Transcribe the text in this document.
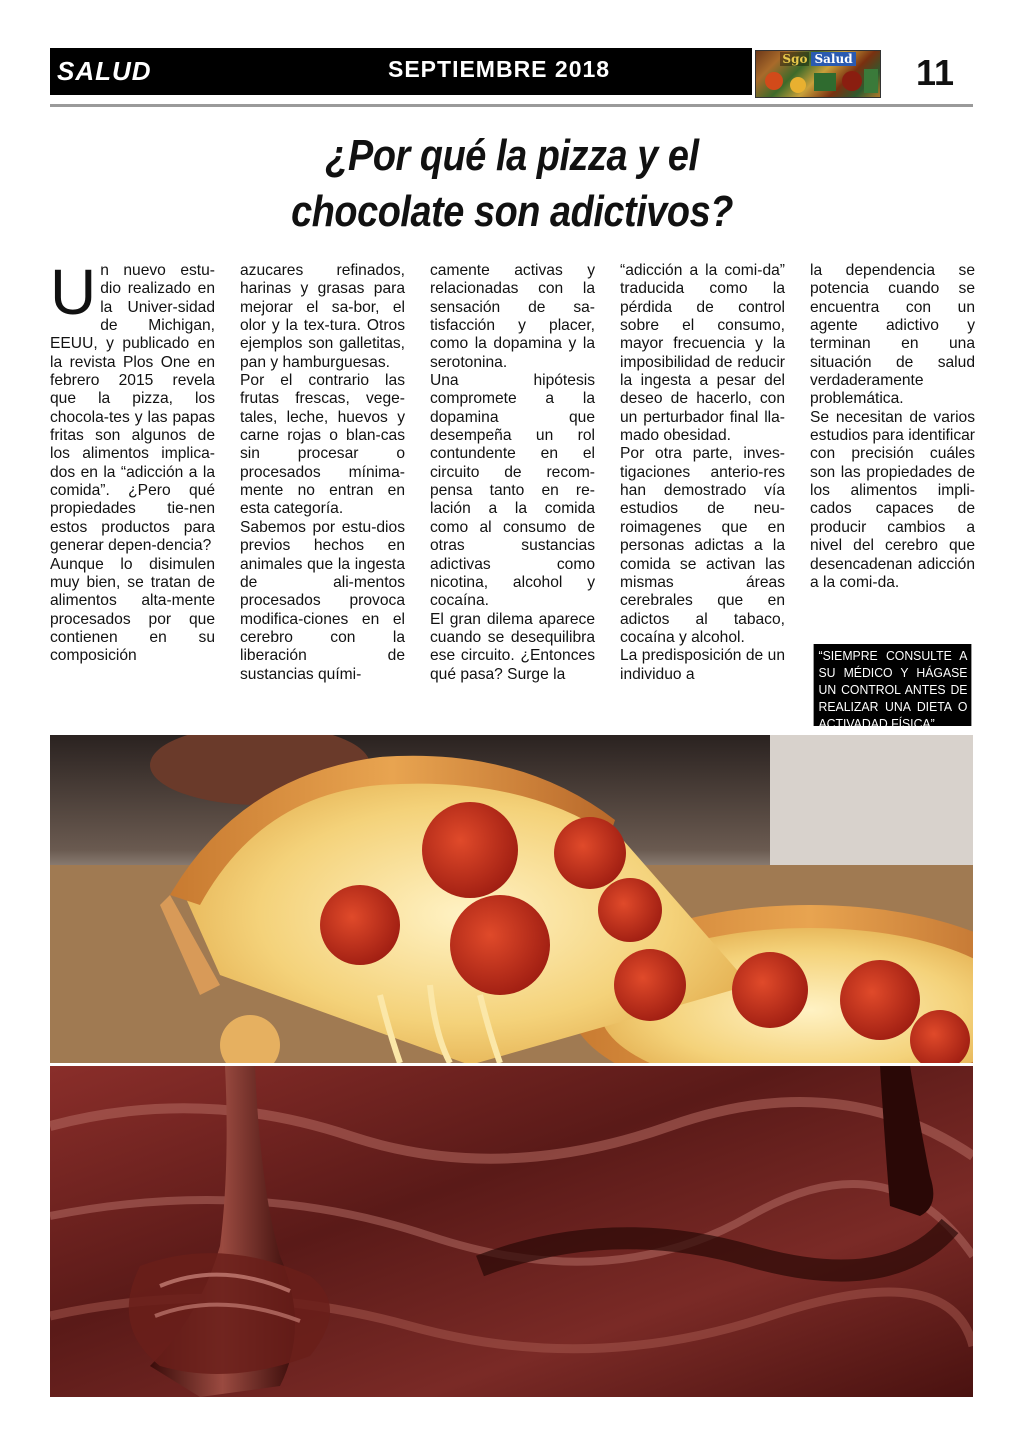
SALUD	SEPTIEMBRE 2018	Sgo Salud	11
¿Por qué la pizza y el
chocolate son adictivos?
U n nuevo estu-dio realizado en la Univer-sidad de Michigan, EEUU, y publicado en la revista Plos One en febrero 2015 revela que la pizza, los chocola-tes y las papas fritas son algunos de los alimentos implica-dos en la “adicción a la comida”. ¿Pero qué propiedades tie-nen estos productos para generar depen-dencia?

Aunque lo disimulen muy bien, se tratan de alimentos alta-mente procesados por que contienen en su composición

azucares refinados, harinas y grasas para mejorar el sa-bor, el olor y la tex-tura. Otros ejemplos son galletitas, pan y hamburguesas.

Por el contrario las frutas frescas, vege-tales, leche, huevos y carne rojas o blan-cas sin procesar o procesados mínima-mente no entran en esta categoría.

Sabemos por estu-dios previos hechos en animales que la ingesta de ali-mentos procesados provoca modifica-ciones en el cerebro con la liberación de sustancias quími-

camente activas y relacionadas con la sensación de sa-tisfacción y placer, como la dopamina y la serotonina.

Una hipótesis compromete a la dopamina que desempeña un rol contundente en el circuito de recom-pensa tanto en re-lación a la comida como al consumo de otras sustancias adictivas como nicotina, alcohol y cocaína.

El gran dilema aparece cuando se desequilibra ese circuito. ¿Entonces qué pasa? Surge la

“adicción a la comi-da” traducida como la pérdida de control sobre el consumo, mayor frecuencia y la imposibilidad de reducir la ingesta a pesar del deseo de hacerlo, con un perturbador final lla-mado obesidad.

Por otra parte, inves-tigaciones anterio-res han demostrado vía estudios de neu-roimagenes que en personas adictas a la comida se activan las mismas áreas cerebrales que en adictos al tabaco, cocaína y alcohol.

La predisposición de un individuo a

la dependencia se potencia cuando se encuentra con un agente adictivo y terminan en una situación de salud verdaderamente problemática.

Se necesitan de varios estudios para identificar con precisión cuáles son las propiedades de los alimentos impli-cados capaces de producir cambios a nivel del cerebro que desencadenan adicción a la comi-da.

“SIEMPRE CONSULTE A SU MÉDICO Y HÁGASE UN CONTROL ANTES DE REALIZAR UNA DIETA O ACTIVADAD FÍSICA”
